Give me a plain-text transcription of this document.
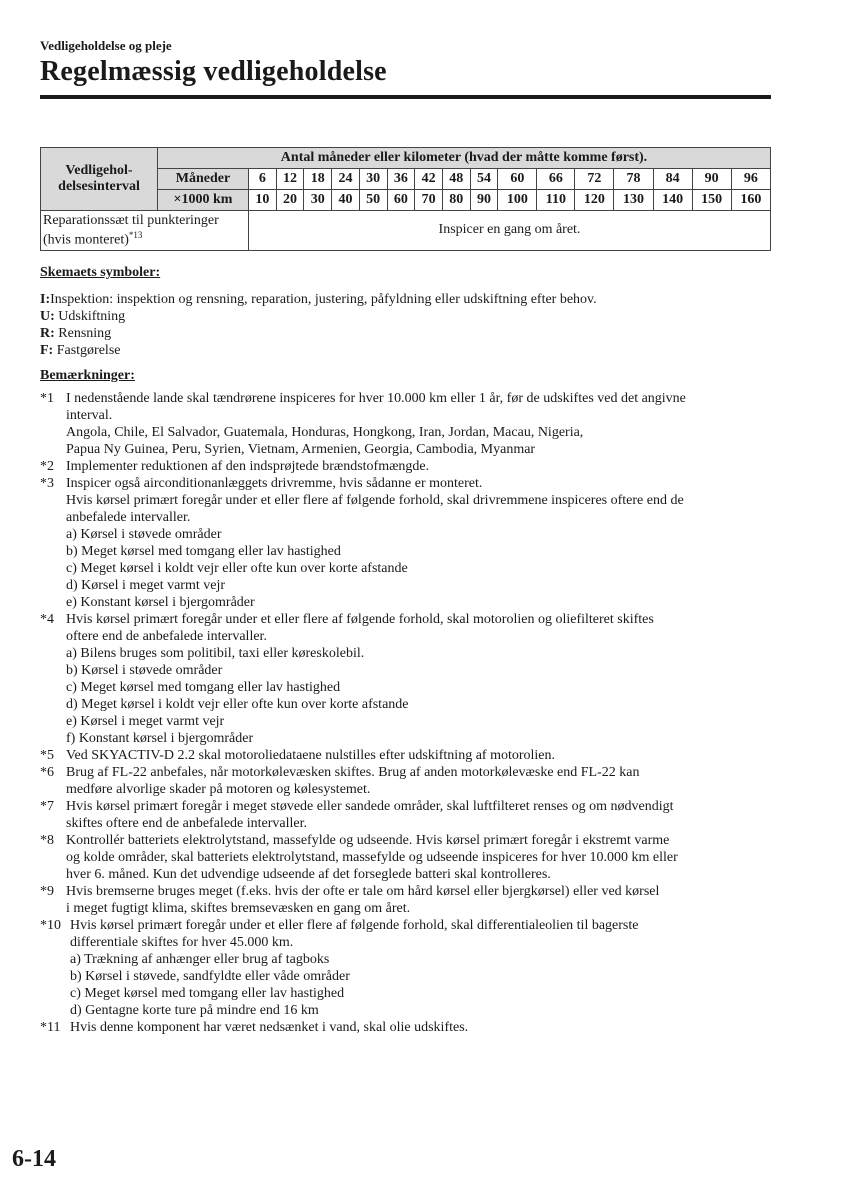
Vedligeholdelse og pleje
Regelmæssig vedligeholdelse
Vedligehol-
delsesinterval	Antal måneder eller kilometer (hvad der måtte komme først).																
	Måneder	6	12	18	24	30	36	42	48	54	60	66	72	78	84	90	96
	×1000 km	10	20	30	40	50	60	70	80	90	100	110	120	130	140	150	160
Reparationssæt til punkteringer
(hvis monteret)$^{*13}$		Inspicer en gang om året.															
Skemaets symboler:
I:Inspektion: inspektion og rensning, reparation, justering, påfyldning eller udskiftning efter behov.
U: Udskiftning
R: Rensning
F: Fastgørelse
Bemærkninger:
*1 I nedenstående lande skal tændrørene inspiceres for hver 10.000 km eller 1 år, før de udskiftes ved det angivne
interval.
Angola, Chile, El Salvador, Guatemala, Honduras, Hongkong, Iran, Jordan, Macau, Nigeria,
Papua Ny Guinea, Peru, Syrien, Vietnam, Armenien, Georgia, Cambodia, Myanmar
*2 Implementer reduktionen af den indsprøjtede brændstofmængde.
*3 Inspicer også airconditionanlæggets drivremme, hvis sådanne er monteret.
Hvis kørsel primært foregår under et eller flere af følgende forhold, skal drivremmene inspiceres oftere end de
anbefalede intervaller.
a) Kørsel i støvede områder
b) Meget kørsel med tomgang eller lav hastighed
c) Meget kørsel i koldt vejr eller ofte kun over korte afstande
d) Kørsel i meget varmt vejr
e) Konstant kørsel i bjergområder
*4 Hvis kørsel primært foregår under et eller flere af følgende forhold, skal motorolien og oliefilteret skiftes
oftere end de anbefalede intervaller.
a) Bilens bruges som politibil, taxi eller køreskolebil.
b) Kørsel i støvede områder
c) Meget kørsel med tomgang eller lav hastighed
d) Meget kørsel i koldt vejr eller ofte kun over korte afstande
e) Kørsel i meget varmt vejr
f) Konstant kørsel i bjergområder
*5 Ved SKYACTIV-D 2.2 skal motoroliedataene nulstilles efter udskiftning af motorolien.
*6 Brug af FL-22 anbefales, når motorkølevæsken skiftes. Brug af anden motorkølevæske end FL-22 kan
medføre alvorlige skader på motoren og kølesystemet.
*7 Hvis kørsel primært foregår i meget støvede eller sandede områder, skal luftfilteret renses og om nødvendigt
skiftes oftere end de anbefalede intervaller.
*8 Kontrollér batteriets elektrolytstand, massefylde og udseende. Hvis kørsel primært foregår i ekstremt varme
og kolde områder, skal batteriets elektrolytstand, massefylde og udseende inspiceres for hver 10.000 km eller
hver 6. måned. Kun det udvendige udseende af det forseglede batteri skal kontrolleres.
*9 Hvis bremserne bruges meget (f.eks. hvis der ofte er tale om hård kørsel eller bjergkørsel) eller ved kørsel
i meget fugtigt klima, skiftes bremsevæsken en gang om året.
*10 Hvis kørsel primært foregår under et eller flere af følgende forhold, skal differentialeolien til bagerste
differentiale skiftes for hver 45.000 km.
a) Trækning af anhænger eller brug af tagboks
b) Kørsel i støvede, sandfyldte eller våde områder
c) Meget kørsel med tomgang eller lav hastighed
d) Gentagne korte ture på mindre end 16 km
*11 Hvis denne komponent har været nedsænket i vand, skal olie udskiftes.
6-14
